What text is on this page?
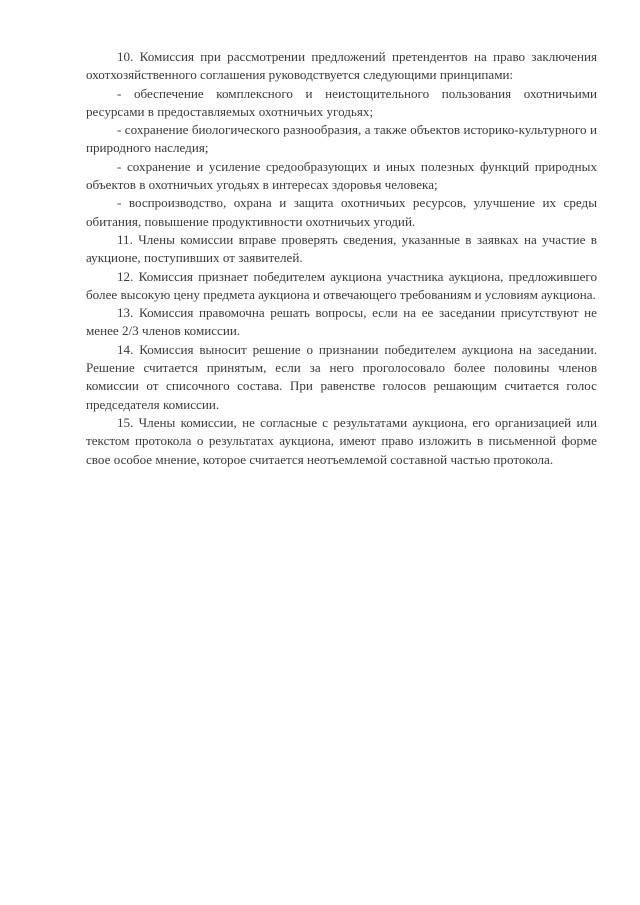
10. Комиссия при рассмотрении предложений претендентов на право заключения охотхозяйственного соглашения руководствуется следующими принципами:

- обеспечение комплексного и неистощительного пользования охотничьими ресурсами в предоставляемых охотничьих угодьях;

- сохранение биологического разнообразия, а также объектов историко-культурного и природного наследия;

- сохранение и усиление средообразующих и иных полезных функций природных объектов в охотничьих угодьях в интересах здоровья человека;

- воспроизводство, охрана и защита охотничьих ресурсов, улучшение их среды обитания, повышение продуктивности охотничьих угодий.

11. Члены комиссии вправе проверять сведения, указанные в заявках на участие в аукционе, поступивших от заявителей.

12. Комиссия признает победителем аукциона участника аукциона, предложившего более высокую цену предмета аукциона и отвечающего требованиям и условиям аукциона.

13. Комиссия правомочна решать вопросы, если на ее заседании присутствуют не менее 2/3 членов комиссии.

14. Комиссия выносит решение о признании победителем аукциона на заседании. Решение считается принятым, если за него проголосовало более половины членов комиссии от списочного состава. При равенстве голосов решающим считается голос председателя комиссии.

15. Члены комиссии, не согласные с результатами аукциона, его организацией или текстом протокола о результатах аукциона, имеют право изложить в письменной форме свое особое мнение, которое считается неотъемлемой составной частью протокола.
